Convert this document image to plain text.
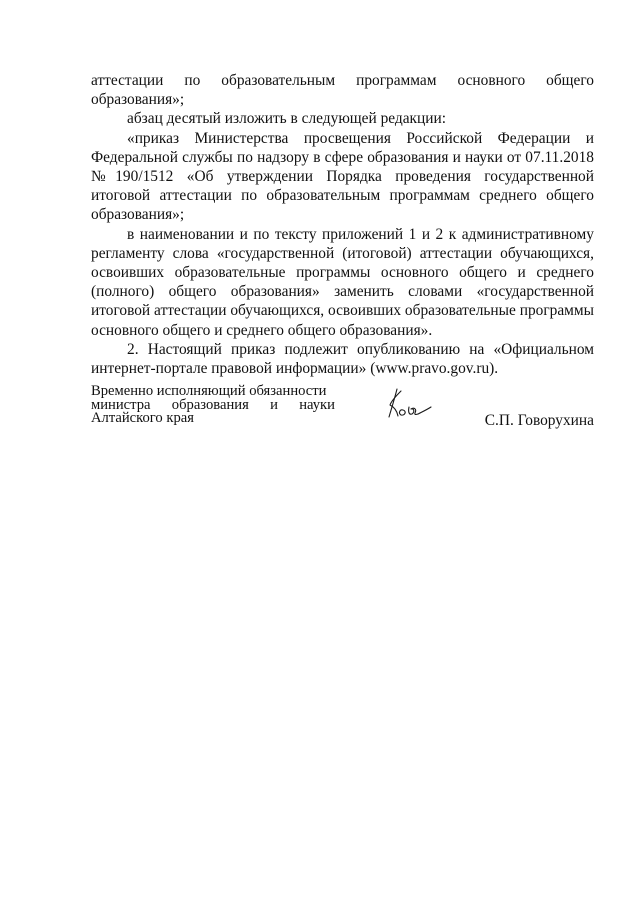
аттестации по образовательным программам основного общего образования»;

абзац десятый изложить в следующей редакции:

«приказ Министерства просвещения Российской Федерации и Федеральной службы по надзору в сфере образования и науки от 07.11.2018 №190/1512 «Об утверждении Порядка проведения государственной итоговой аттестации по образовательным программам среднего общего образования»;

в наименовании и по тексту приложений 1 и 2 к административному регламенту слова «государственной (итоговой) аттестации обучающихся, освоивших образовательные программы основного общего и среднего (полного) общего образования» заменить словами «государственной итоговой аттестации обучающихся, освоивших образовательные программы основного общего и среднего общего образования».

2. Настоящий приказ подлежит опубликованию на «Официальном интернет-портале правовой информации» (www.pravo.gov.ru).

Временно исполняющий обязанности
министра образования и науки
Алтайского края	С.П. Говорухина
